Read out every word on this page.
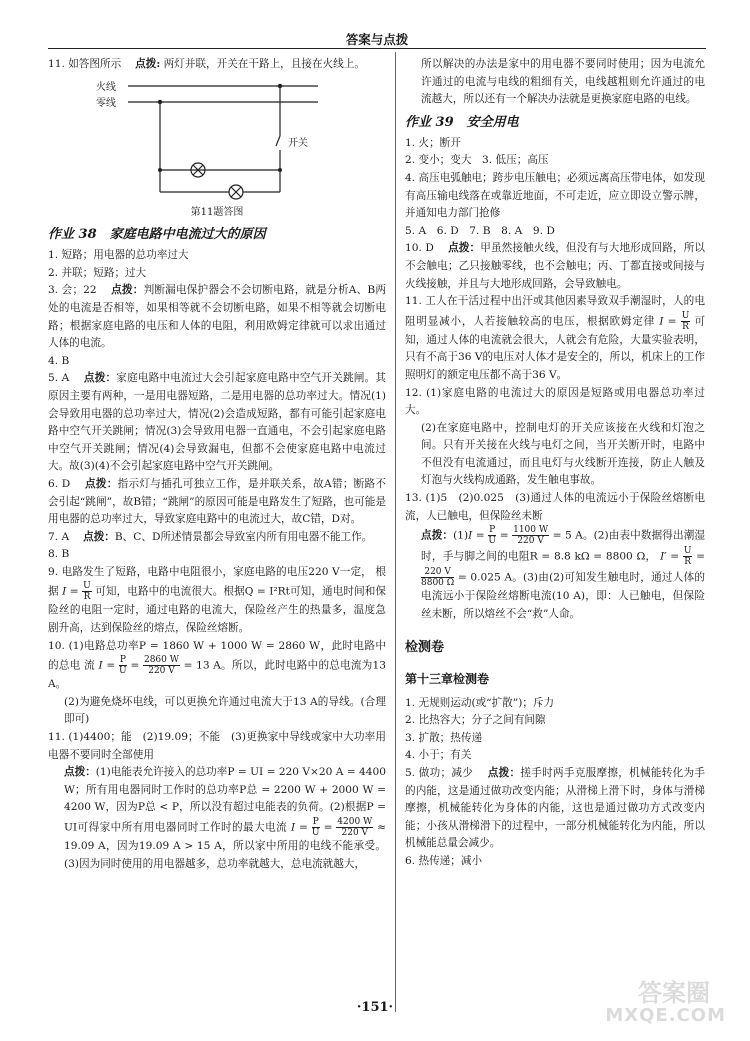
答案与点拨

11. 如答图所示　 点拨: 两灯并联，开关在干路上，且接在火线上。

火线
零线
开关
第11题答图
作业 38　家庭电路中电流过大的原因

1. 短路；用电器的总功率过大

2. 并联；短路；过大

3. 会；22　 点拨：判断漏电保护器会不会切断电路，就是分析A、B两处的电流是否相等，如果相等就不会切断电路，如果不相等就会切断电路；根据家庭电路的电压和人体的电阻，利用欧姆定律就可以求出通过人体的电流。

4. B

5. A　 点拨：家庭电路中电流过大会引起家庭电路中空气开关跳闸。其原因主要有两种，一是用电器短路，二是用电器的总功率过大。情况(1)会导致用电器的总功率过大，情况(2)会造成短路，都有可能引起家庭电路中空气开关跳闸；情况(3)会导致用电器一直通电，不会引起家庭电路中空气开关跳闸；情况(4)会导致漏电，但都不会使家庭电路中电流过大。故(3)(4)不会引起家庭电路中空气开关跳闸。

6. D　 点拨：指示灯与插孔可独立工作，是并联关系，故A错；断路不会引起“跳闸”，故B错；“跳闸”的原因可能是电路发生了短路，也可能是用电器的总功率过大，导致家庭电路中的电流过大，故C错，D对。

7. A　 点拨：B、C、D所述情景都会导致室内所有用电器不能工作。

8. B

9. 电路发生了短路，电路中电阻很小，家庭电路的电压220 V一定， 根据 $I = \frac{U}{R}$ 可知，电路中的电流很大。根据Q = I²Rt可知，通电时间和保险丝的电阻一定时，通过电路的电流大，保险丝产生的热量多，温度急剧升高，达到保险丝的熔点，保险丝熔断。

10. (1)电路总功率P = 1860 W + 1000 W = 2860 W，此时电路中的总电 流 $I = \frac{P}{U} = \frac{2860 W}{220 V} = 13$ A。所以，此时电路中的总电流为13 A。

(2)为避免烧坏电线，可以更换允许通过电流大于13 A的导线。(合理即可)

11. (1)4400；能　(2)19.09；不能　(3)更换家中导线或家中大功率用电器不要同时全部使用

点拨：(1)电能表允许接入的总功率P = UI = 220 V×20 A = 4400 W；所有用电器同时工作时的总功率P总 = 2200 W + 2000 W = 4200 W，因为P总 < P，所以没有超过电能表的负荷。(2)根据P = UI可得家中所有用电器同时工作时的最大电流 $I = \frac{P}{U} = \frac{4200 W}{220 V} \approx 19.09$ A，因为19.09 A > 15 A，所以家中所用的电线不能承受。(3)因为同时使用的用电器越多，总功率就越大，总电流就越大，

所以解决的办法是家中的用电器不要同时使用；因为电流允许通过的电流与电线的粗细有关，电线越粗则允许通过的电流越大，所以还有一个解决办法就是更换家庭电路的电线。

作业 39　安全用电

1. 火；断开

2. 变小；变大　3. 低压；高压

4. 高压电弧触电；跨步电压触电；必须远离高压带电体，如发现有高压输电线落在或靠近地面，不可走近，应立即设立警示牌，并通知电力部门抢修

5. A　6. D　7. B　8. A　9. D

10. D　 点拨：甲虽然接触火线，但没有与大地形成回路，所以不会触电；乙只接触零线，也不会触电；丙、丁都直接或间接与火线接触，并且与大地形成回路，会导致触电。

11. 工人在干活过程中出汗或其他因素导致双手潮湿时，人的电阻明显减小，人若接触较高的电压，根据欧姆定律 $I = \frac{U}{R}$ 可知，通过人体的电流就会很大，人就会有危险，大量实验表明，只有不高于36 V的电压对人体才是安全的，所以，机床上的工作照明灯的额定电压都不高于36 V。

12. (1)家庭电路的电流过大的原因是短路或用电器总功率过大。

(2)在家庭电路中，控制电灯的开关应该接在火线和灯泡之间。只有开关接在火线与电灯之间，当开关断开时，电路中不但没有电流通过，而且电灯与火线断开连接，防止人触及灯泡与火线构成通路，发生触电事故。

13. (1)5　(2)0.025　(3)通过人体的电流远小于保险丝熔断电流，人已触电，但保险丝未断

点拨：$(1)I = \frac{P}{U} = \frac{1100 W}{220 V} = 5$ A。(2)由表中数据得出潮湿时，手与脚之间的电阻R = 8.8 kΩ = 8800 Ω， $I' = \frac{U}{R}$ =
$\frac{220 V}{8800 \Omega} = 0.025$ A。(3)由(2)可知发生触电时，通过人体的电流远小于保险丝熔断电流(10 A)，即：人已触电，但保险丝未断，所以熔丝不会“救”人命。

检测卷
第十三章检测卷

1. 无规则运动(或“扩散”)；斥力

2. 比热容大；分子之间有间隙

3. 扩散；热传递

4. 小于；有关

5. 做功；减少　 点拨：搓手时两手克服摩擦，机械能转化为手的内能，这是通过做功改变内能；从滑梯上滑下时，身体与滑梯摩擦，机械能转化为身体的内能，这也是通过做功方式改变内能；小孩从滑梯滑下的过程中，一部分机械能转化为内能，所以机械能总量会减少。

6. 热传递；减小

·151·
答案圈
MXQE.COM
